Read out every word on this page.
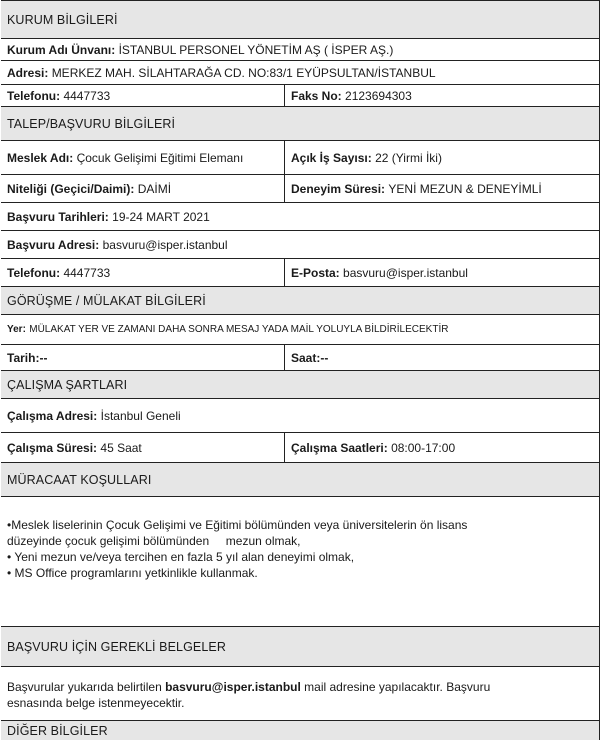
KURUM BİLGİLERİ
Kurum Adı Ünvanı:
İSTANBUL PERSONEL YÖNETİM AŞ ( İSPER AŞ.)
Adresi:
MERKEZ MAH. SİLAHTARAĞA CD. NO:83/1 EYÜPSULTAN/İSTANBUL
Telefonu:
4447733	Faks No:
2123694303
TALEP/BAŞVURU BİLGİLERİ
Meslek Adı:
Çocuk Gelişimi Eğitimi Elemanı	Açık İş Sayısı:
22 (Yirmi İki)
Niteliği (Geçici/Daimi):
DAİMİ	Deneyim Süresi:
YENİ MEZUN & DENEYİMLİ
Başvuru Tarihleri:
19-24 MART 2021
Başvuru Adresi:
basvuru@isper.istanbul
Telefonu:
4447733	E-Posta:
basvuru@isper.istanbul
GÖRÜŞME / MÜLAKAT BİLGİLERİ
Yer:
MÜLAKAT YER VE ZAMANI DAHA SONRA MESAJ YADA MAİL YOLUYLA BİLDİRİLECEKTİR
Tarih:--	Saat:--
ÇALIŞMA ŞARTLARI
Çalışma Adresi:
İstanbul Geneli
Çalışma Süresi:
45 Saat	Çalışma Saatleri:
08:00-17:00
MÜRACAAT KOŞULLARI
•Meslek liselerinin Çocuk Gelişimi ve Eğitimi bölümünden veya üniversitelerin ön lisans
düzeyinde çocuk gelişimi bölümünden     mezun olmak,
• Yeni mezun ve/veya tercihen en fazla 5 yıl alan deneyimi olmak,
• MS Office programlarını yetkinlikle kullanmak.
BAŞVURU İÇİN GEREKLİ BELGELER
Başvurular yukarıda belirtilen basvuru@isper.istanbul mail adresine yapılacaktır. Başvuru
esnasında belge istenmeyecektir.
DİĞER BİLGİLER
